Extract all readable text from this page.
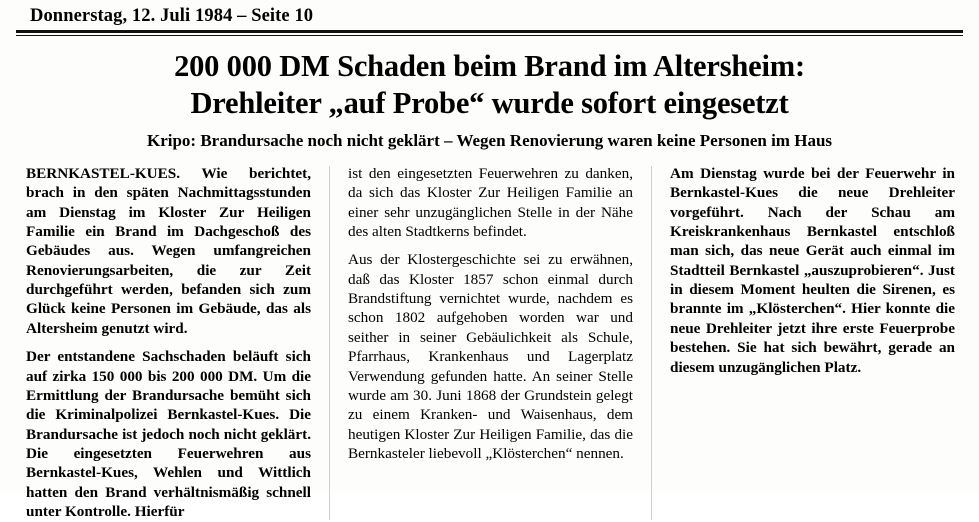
Donnerstag, 12. Juli 1984 – Seite 10
200 000 DM Schaden beim Brand im Altersheim:
Drehleiter „auf Probe“ wurde sofort eingesetzt
Kripo: Brandursache noch nicht geklärt – Wegen Renovierung waren keine Personen im Haus

BERNKASTEL-KUES. Wie berichtet, brach in den späten Nachmittagsstunden am Dienstag im Kloster Zur Heiligen Familie ein Brand im Dachgeschoß des Gebäudes aus. Wegen umfangreichen Renovierungsarbeiten, die zur Zeit durchgeführt werden, befanden sich zum Glück keine Personen im Gebäude, das als Altersheim genutzt wird.

Der entstandene Sachschaden beläuft sich auf zirka 150 000 bis 200 000 DM. Um die Ermittlung der Brandursache bemüht sich die Kriminalpolizei Bernkastel-Kues. Die Brandursache ist jedoch noch nicht geklärt. Die eingesetzten Feuerwehren aus Bernkastel-Kues, Wehlen und Wittlich hatten den Brand verhältnismäßig schnell unter Kontrolle. Hierfür

ist den eingesetzten Feuerwehren zu danken, da sich das Kloster Zur Heiligen Familie an einer sehr unzugänglichen Stelle in der Nähe des alten Stadtkerns befindet.

Aus der Klostergeschichte sei zu erwähnen, daß das Kloster 1857 schon einmal durch Brandstiftung vernichtet wurde, nachdem es schon 1802 aufgehoben worden war und seither in seiner Gebäulichkeit als Schule, Pfarrhaus, Krankenhaus und Lagerplatz Verwendung gefunden hatte. An seiner Stelle wurde am 30. Juni 1868 der Grundstein gelegt zu einem Kranken- und Waisenhaus, dem heutigen Kloster Zur Heiligen Familie, das die Bernkasteler liebevoll „Klösterchen“ nennen.

Am Dienstag wurde bei der Feuerwehr in Bernkastel-Kues die neue Drehleiter vorgeführt. Nach der Schau am Kreiskrankenhaus Bernkastel entschloß man sich, das neue Gerät auch einmal im Stadtteil Bernkastel „auszuprobieren“. Just in diesem Moment heulten die Sirenen, es brannte im „Klösterchen“. Hier konnte die neue Drehleiter jetzt ihre erste Feuerprobe bestehen. Sie hat sich bewährt, gerade an diesem unzugänglichen Platz.
